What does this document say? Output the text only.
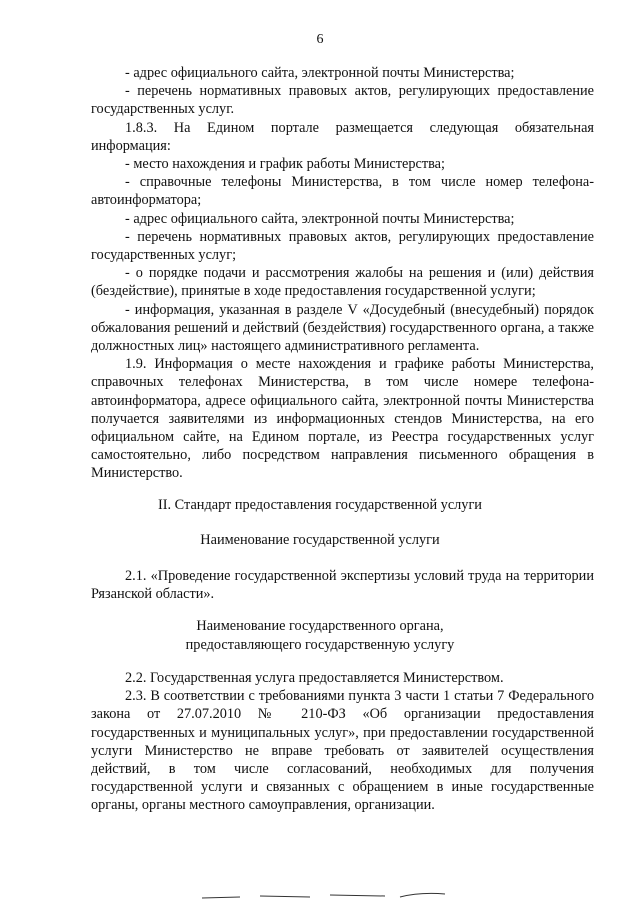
6

- адрес официального сайта, электронной почты Министерства;

- перечень нормативных правовых актов, регулирующих предоставление государственных услуг.

1.8.3. На Едином портале размещается следующая обязательная информация:

- место нахождения и график работы Министерства;

- справочные телефоны Министерства, в том числе номер телефона-автоинформатора;

- адрес официального сайта, электронной почты Министерства;

- перечень нормативных правовых актов, регулирующих предоставление государственных услуг;

- о порядке подачи и рассмотрения жалобы на решения и (или) действия (бездействие), принятые в ходе предоставления государственной услуги;

- информация, указанная в разделе V «Досудебный (внесудебный) порядок обжалования решений и действий (бездействия) государственного органа, а также должностных лиц» настоящего административного регламента.

1.9. Информация о месте нахождения и графике работы Министерства, справочных телефонах Министерства, в том числе номере телефона-автоинформатора, адресе официального сайта, электронной почты Министерства получается заявителями из информационных стендов Министерства, на его официальном сайте, на Едином портале, из Реестра государственных услуг самостоятельно, либо посредством направления письменного обращения в Министерство.

II. Стандарт предоставления государственной услуги
Наименование государственной услуги

2.1. «Проведение государственной экспертизы условий труда на территории Рязанской области».

Наименование государственного органа,
предоставляющего государственную услугу

2.2. Государственная услуга предоставляется Министерством.

2.3. В соответствии с требованиями пункта 3 части 1 статьи 7 Федерального закона от 27.07.2010 № 210-ФЗ «Об организации предоставления государственных и муниципальных услуг», при предоставлении государственной услуги Министерство не вправе требовать от заявителей осуществления действий, в том числе согласований, необходимых для получения государственной услуги и связанных с обращением в иные государственные органы, органы местного самоуправления, организации.
